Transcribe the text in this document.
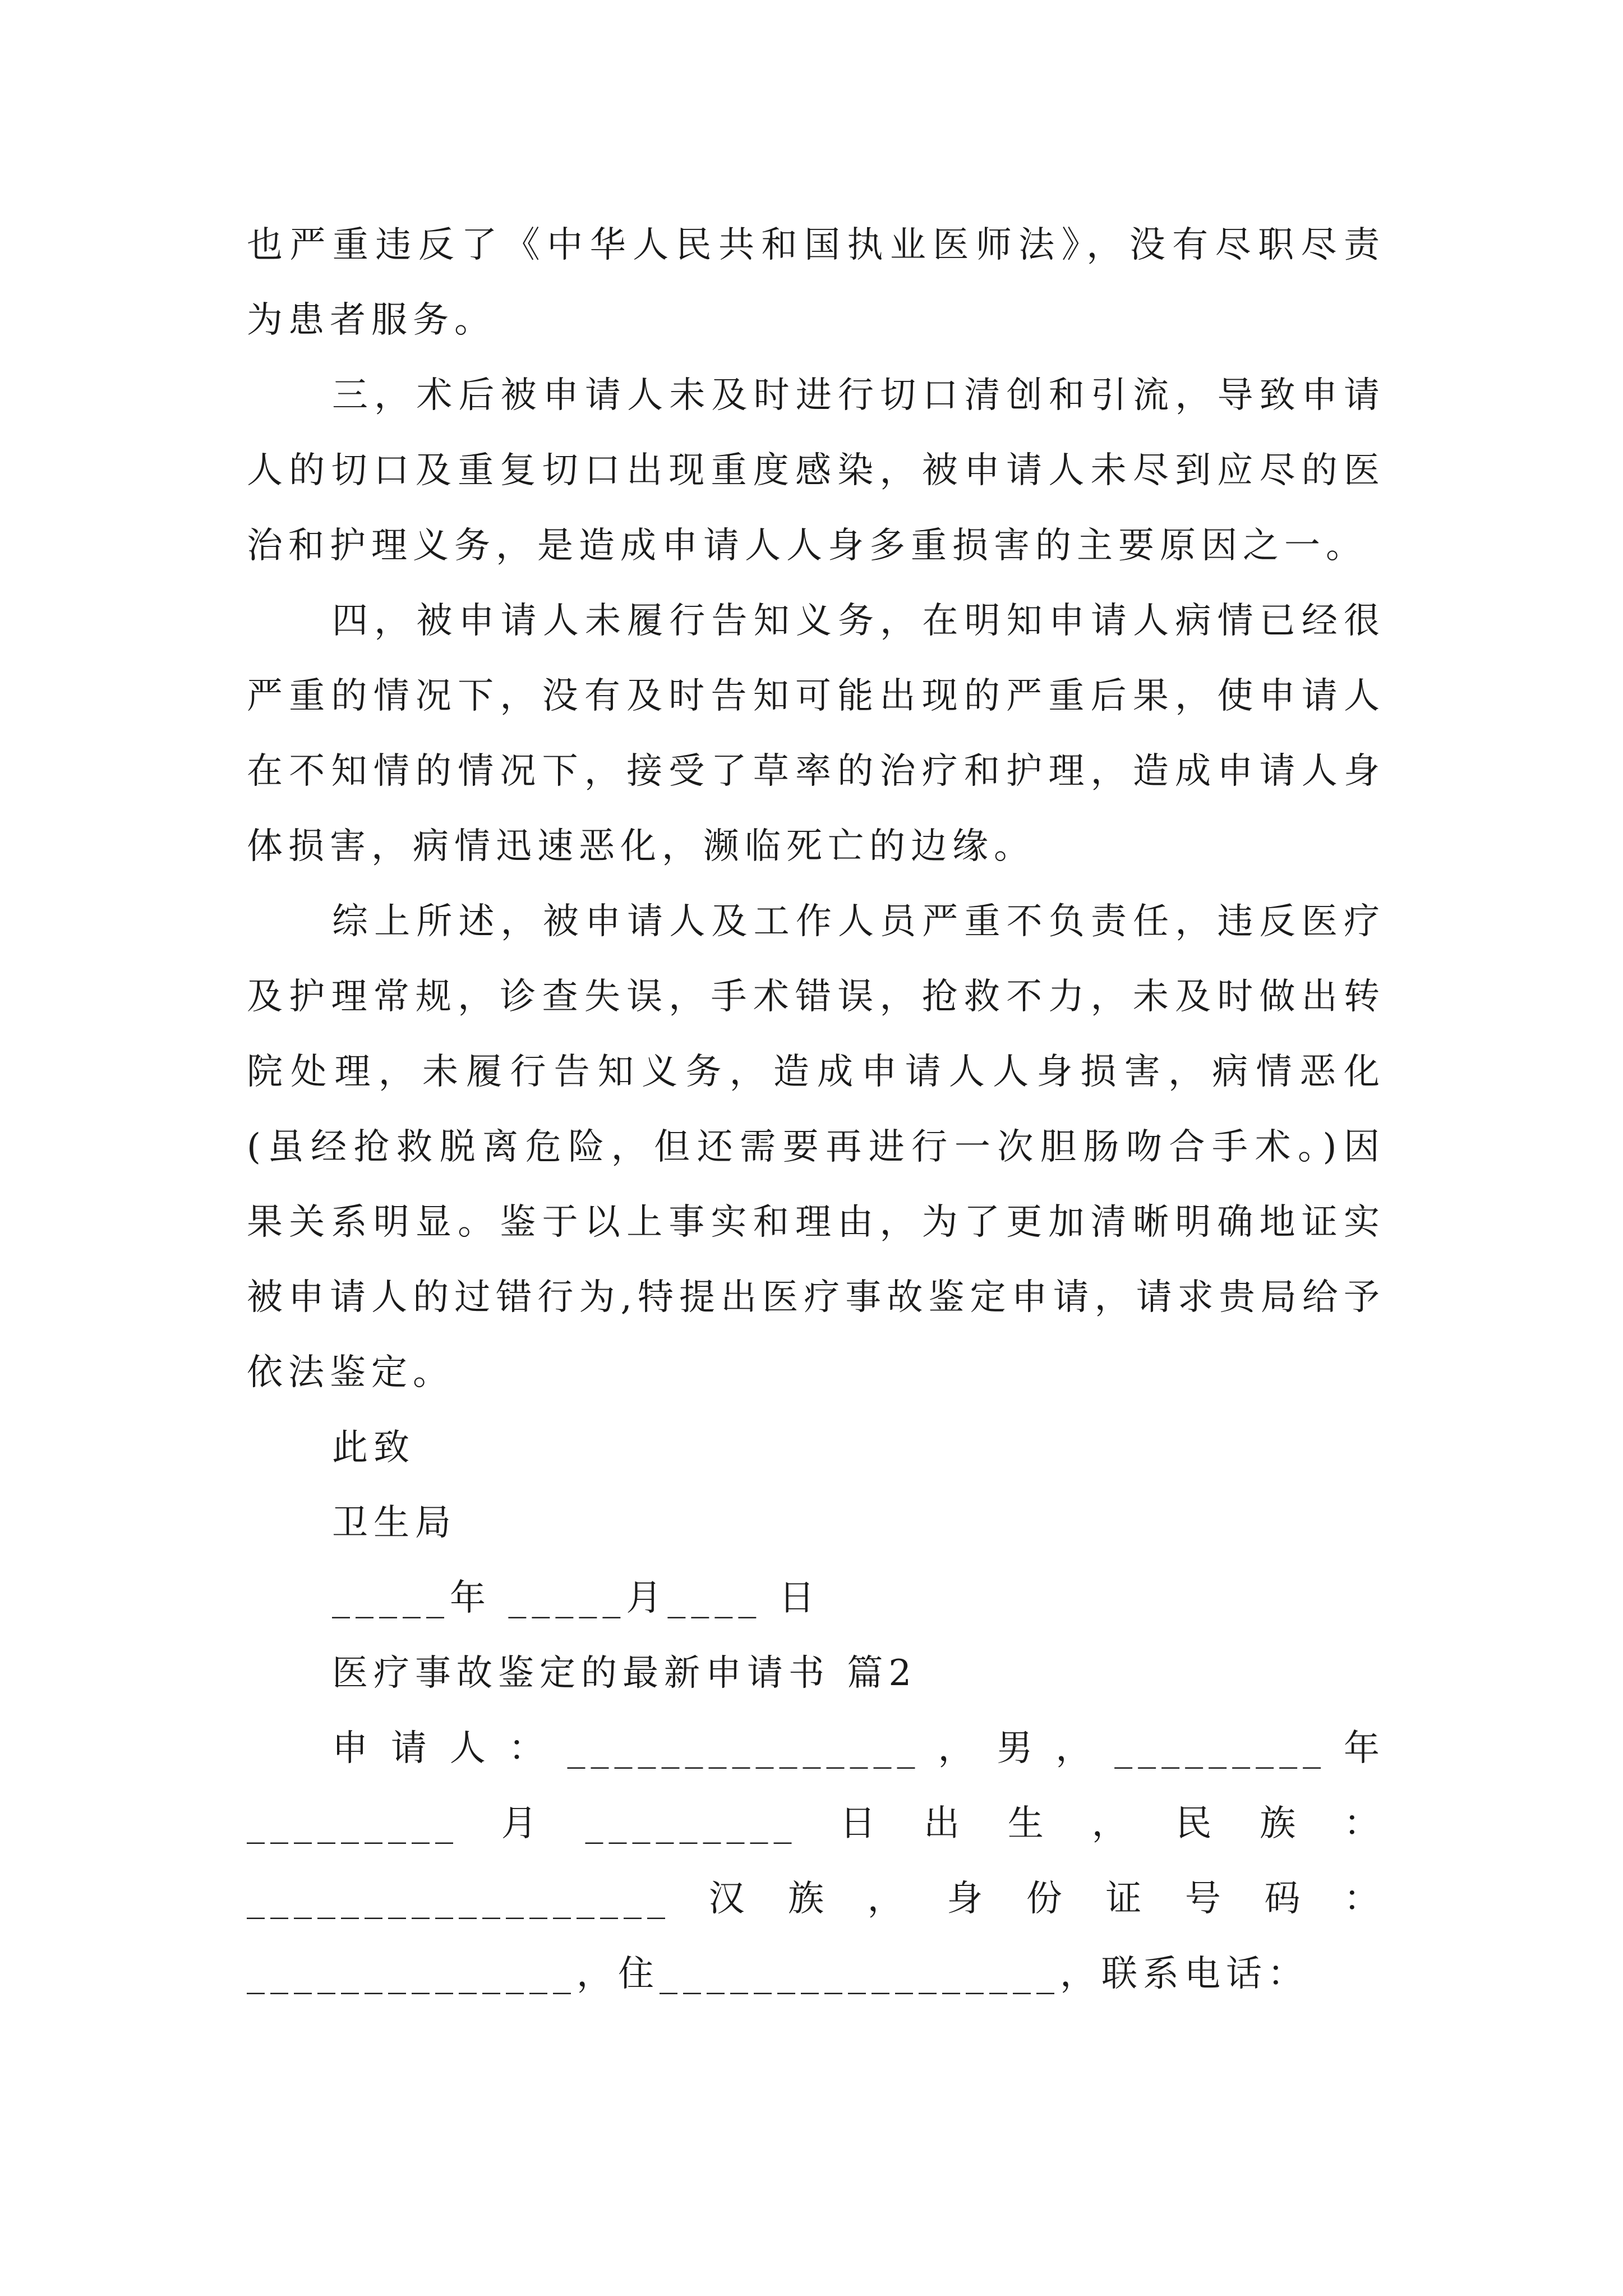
也严重违反了《中华人民共和国执业医师法》，没有尽职尽责为患者服务。

三，术后被申请人未及时进行切口清创和引流，导致申请人的切口及重复切口出现重度感染，被申请人未尽到应尽的医治和护理义务，是造成申请人人身多重损害的主要原因之一。

四，被申请人未履行告知义务，在明知申请人病情已经很严重的情况下，没有及时告知可能出现的严重后果，使申请人在不知情的情况下，接受了草率的治疗和护理，造成申请人身体损害，病情迅速恶化，濒临死亡的边缘。

综上所述，被申请人及工作人员严重不负责任，违反医疗及护理常规，诊查失误，手术错误，抢救不力，未及时做出转院处理，未履行告知义务，造成申请人人身损害，病情恶化(虽经抢救脱离危险，但还需要再进行一次胆肠吻合手术。)因果关系明显。鉴于以上事实和理由，为了更加清晰明确地证实被申请人的过错行为,特提出医疗事故鉴定申请，请求贵局给予依法鉴定。

此致

卫生局

_____年 _____月____ 日

医疗事故鉴定的最新申请书 篇2

申请人：_______________，男，_________年_________月_________日出生，民族：__________________汉族，身份证号码：______________，住_________________，联系电话：
